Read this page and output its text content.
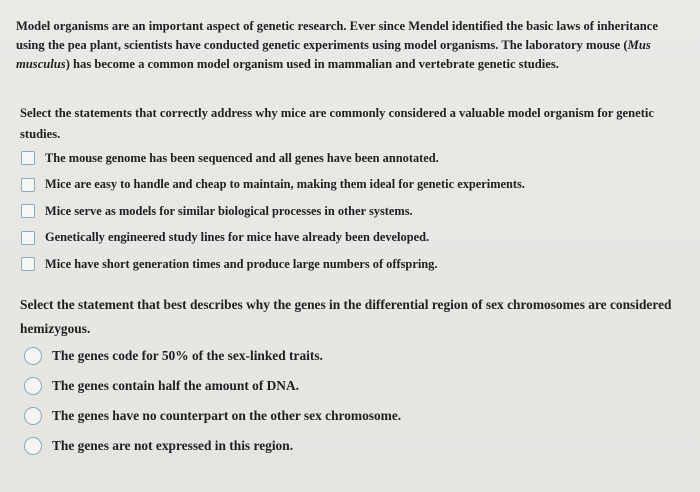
Model organisms are an important aspect of genetic research. Ever since Mendel identified the basic laws of inheritance using the pea plant, scientists have conducted genetic experiments using model organisms. The laboratory mouse (Mus musculus) has become a common model organism used in mammalian and vertebrate genetic studies.
Select the statements that correctly address why mice are commonly considered a valuable model organism for genetic studies.
The mouse genome has been sequenced and all genes have been annotated.
Mice are easy to handle and cheap to maintain, making them ideal for genetic experiments.
Mice serve as models for similar biological processes in other systems.
Genetically engineered study lines for mice have already been developed.
Mice have short generation times and produce large numbers of offspring.
Select the statement that best describes why the genes in the differential region of sex chromosomes are considered hemizygous.
The genes code for 50% of the sex-linked traits.
The genes contain half the amount of DNA.
The genes have no counterpart on the other sex chromosome.
The genes are not expressed in this region.
